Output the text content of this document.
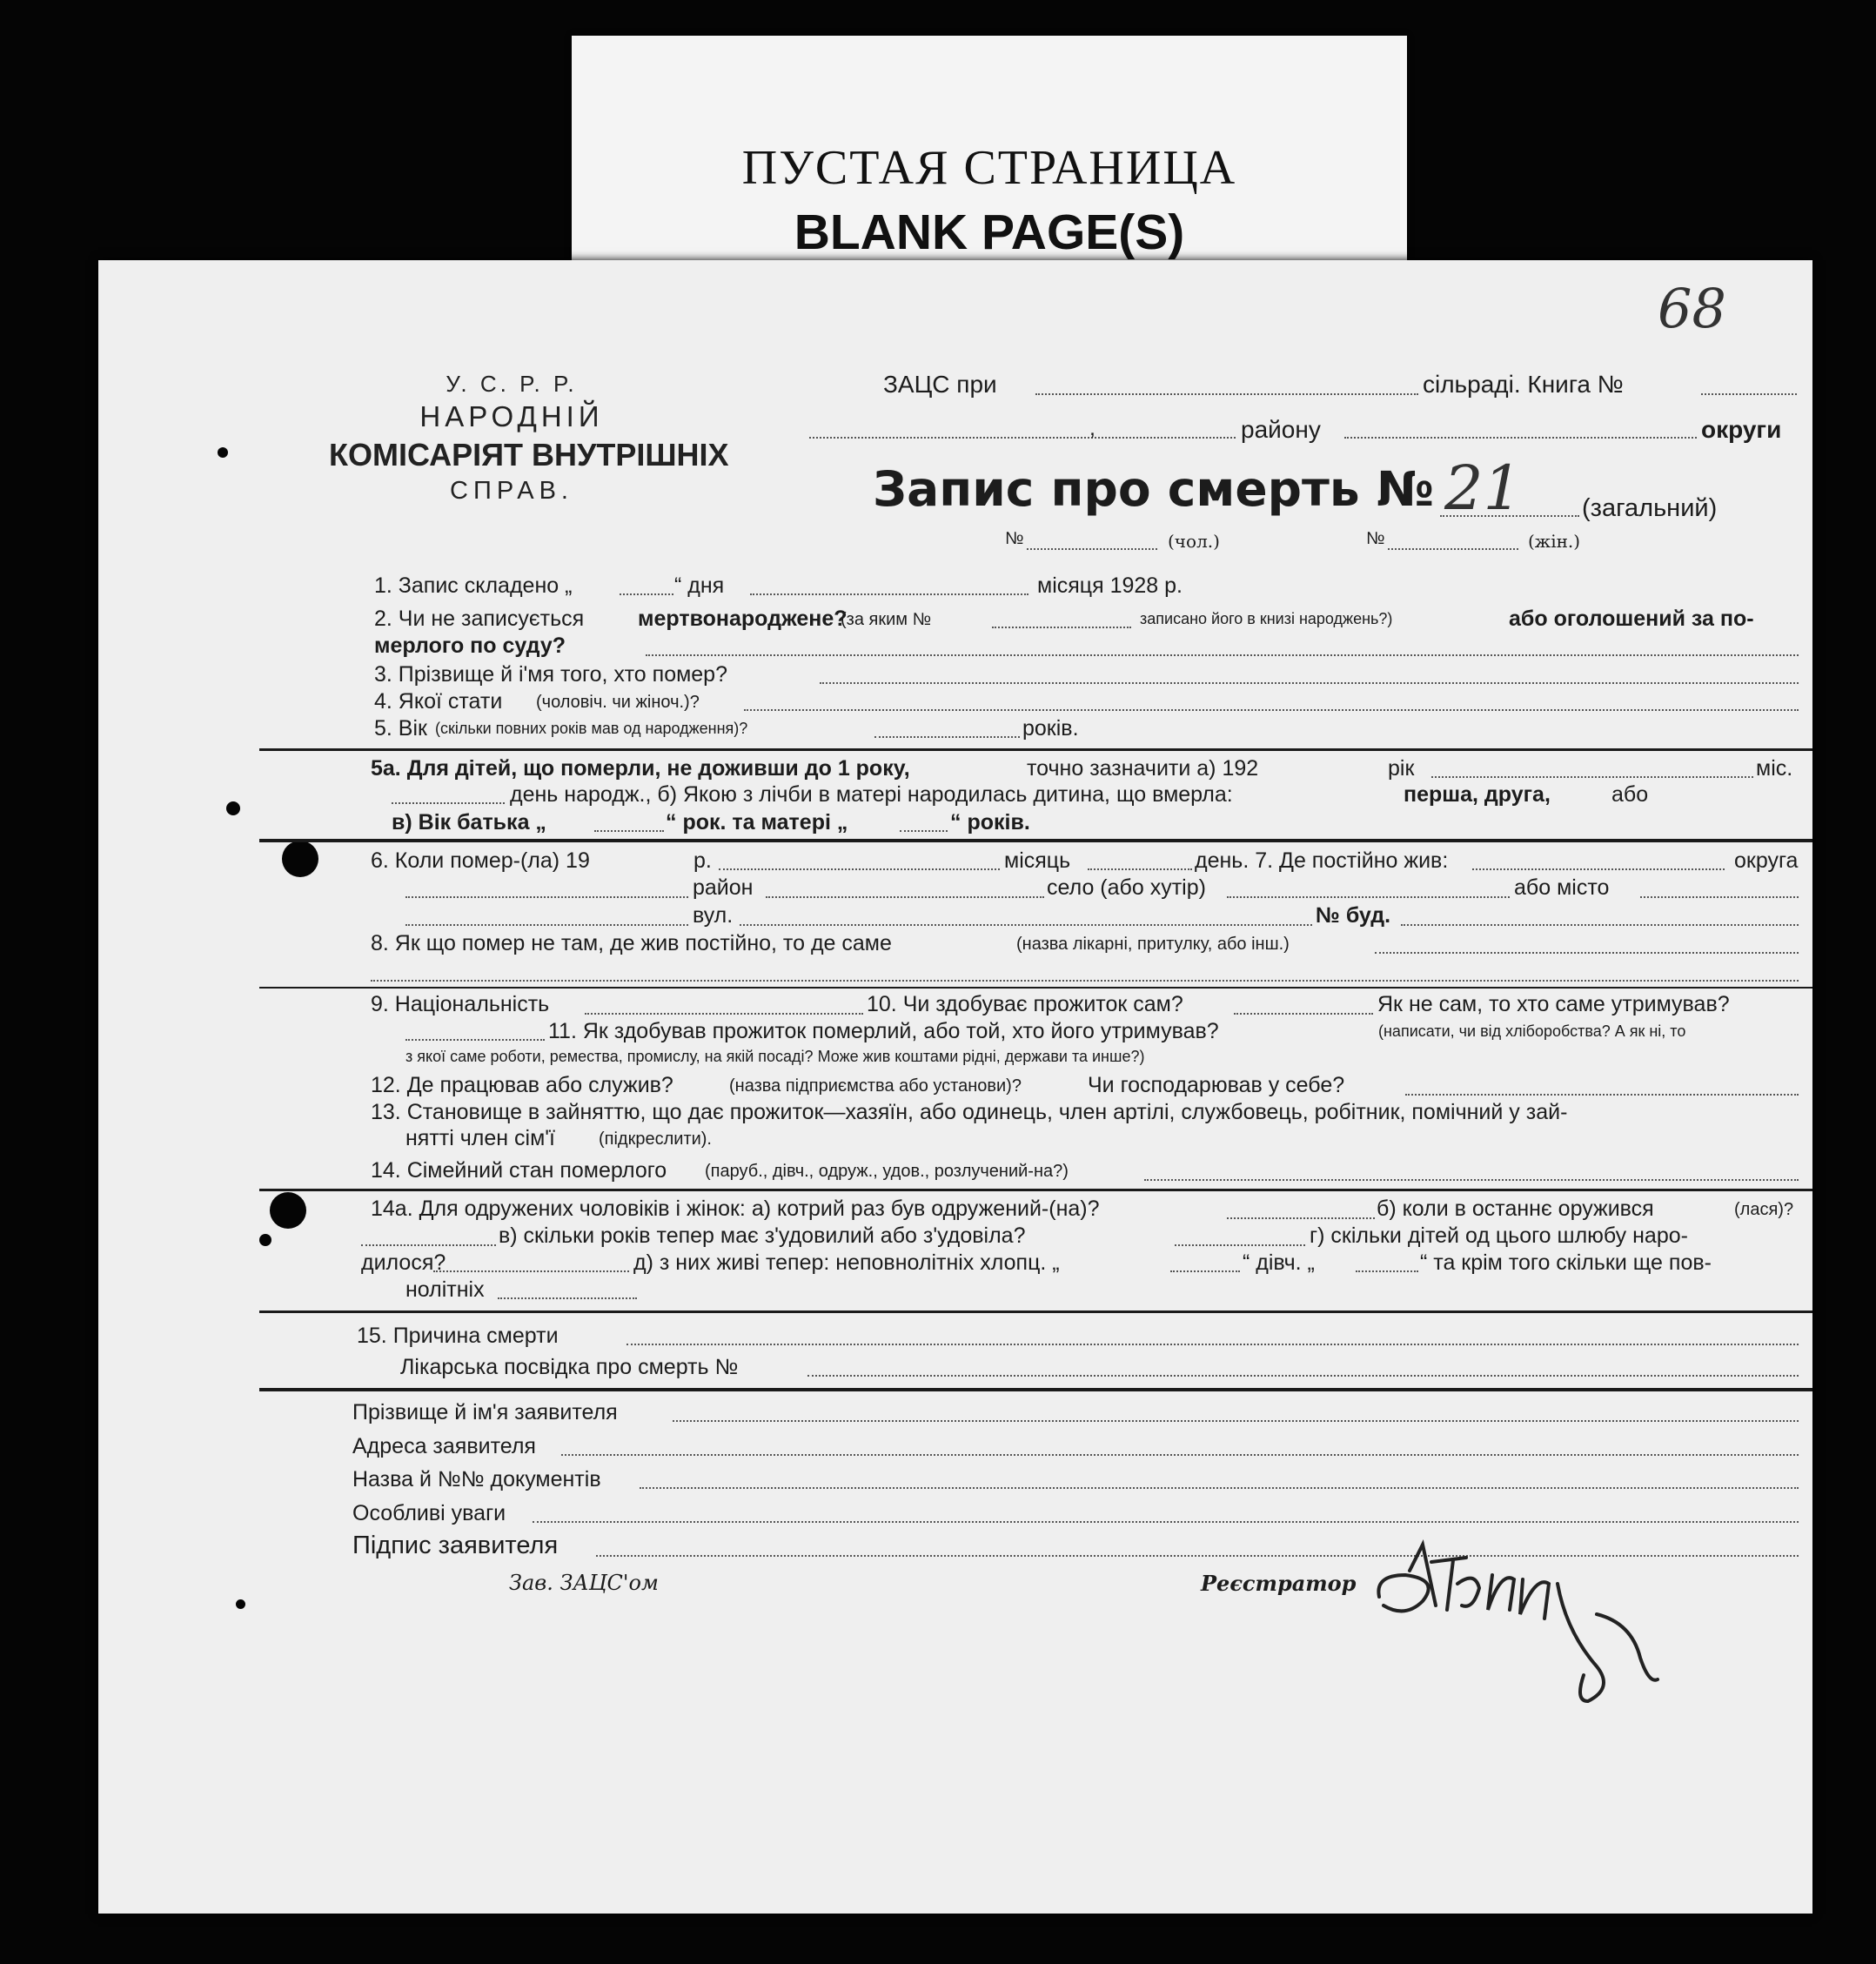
ПУСТАЯ СТРАНИЦА
BLANK PAGE(S)
68
У. С. Р. Р.
НАРОДНІЙ
КОМІСАРІЯТ ВНУТРІШНІХ
СПРАВ.
ЗАЦС при	сільраді. Книга №
,	району	округи
Запис про смерть № 21 (загальний)
№	(чол.)	№	(жін.)
1. Запис складено „	“ дня	місяця 1928 р.
2. Чи не записується мертвонароджене?
(за яким №	записано його в книзі народжень?)	або оголошений за по-
мерлого по суду?
3. Прізвище й і'мя того, хто помер?
4. Якої стати (чоловіч. чи жіноч.)?
5. Вік (скільки повних років мав од народження)?	років.
5а. Для дітей, що померли, не доживши до 1 року,	точно зазначити а) 192	рік	міс.
день народж., б) Якою з лічби в матері народилась дитина, що вмерла:	перша, друга,	або
в) Вік батька „	“ рок. та матері „	“ років.
6. Коли помер-(ла) 19	р.	місяць	день. 7. Де постійно жив:	округа
район	село (або хутір)	або місто
вул.	№ буд.
8. Як що помер не там, де жив постійно, то де саме	(назва лікарні, притулку, або інш.)
9. Національність	10. Чи здобуває прожиток сам?	Як не сам, то хто саме утримував?
11. Як здобував прожиток померлий, або той, хто його утримував?	(написати, чи від хліборобства? А як ні, то
з якої саме роботи, ремества, промислу, на якій посаді? Може жив коштами рідні, держави та инше?)
12. Де працював або служив?	(назва підприємства або установи)?	Чи господарював у себе?
13. Становище в зайняттю, що дає прожиток—хазяїн, або одинець, член артілі, службовець, робітник, помічний у зай-
нятті член сім'ї	(підкреслити).
14. Сімейний стан померлого (паруб., дівч., одруж., удов., розлучений-на?)
14а. Для одружених чоловіків і жінок: а) котрий раз був одружений-(на)?	б) коли в останнє оружився	(лася)?
в) скільки років тепер має з'удовилий або з'удовіла?	г) скільки дітей од цього шлюбу наро-
дилося?	д) з них живі тепер: неповнолітніх хлопц. „	“ дівч. „	“ та крім того скільки ще пов-
нолітніх
15. Причина смерти
Лікарська посвідка про смерть №
Прізвище й ім'я заявителя
Адреса заявителя
Назва й №№ документів
Особливі уваги
Підпис заявителя
Зав. ЗАЦС'ом	Реєстратор
